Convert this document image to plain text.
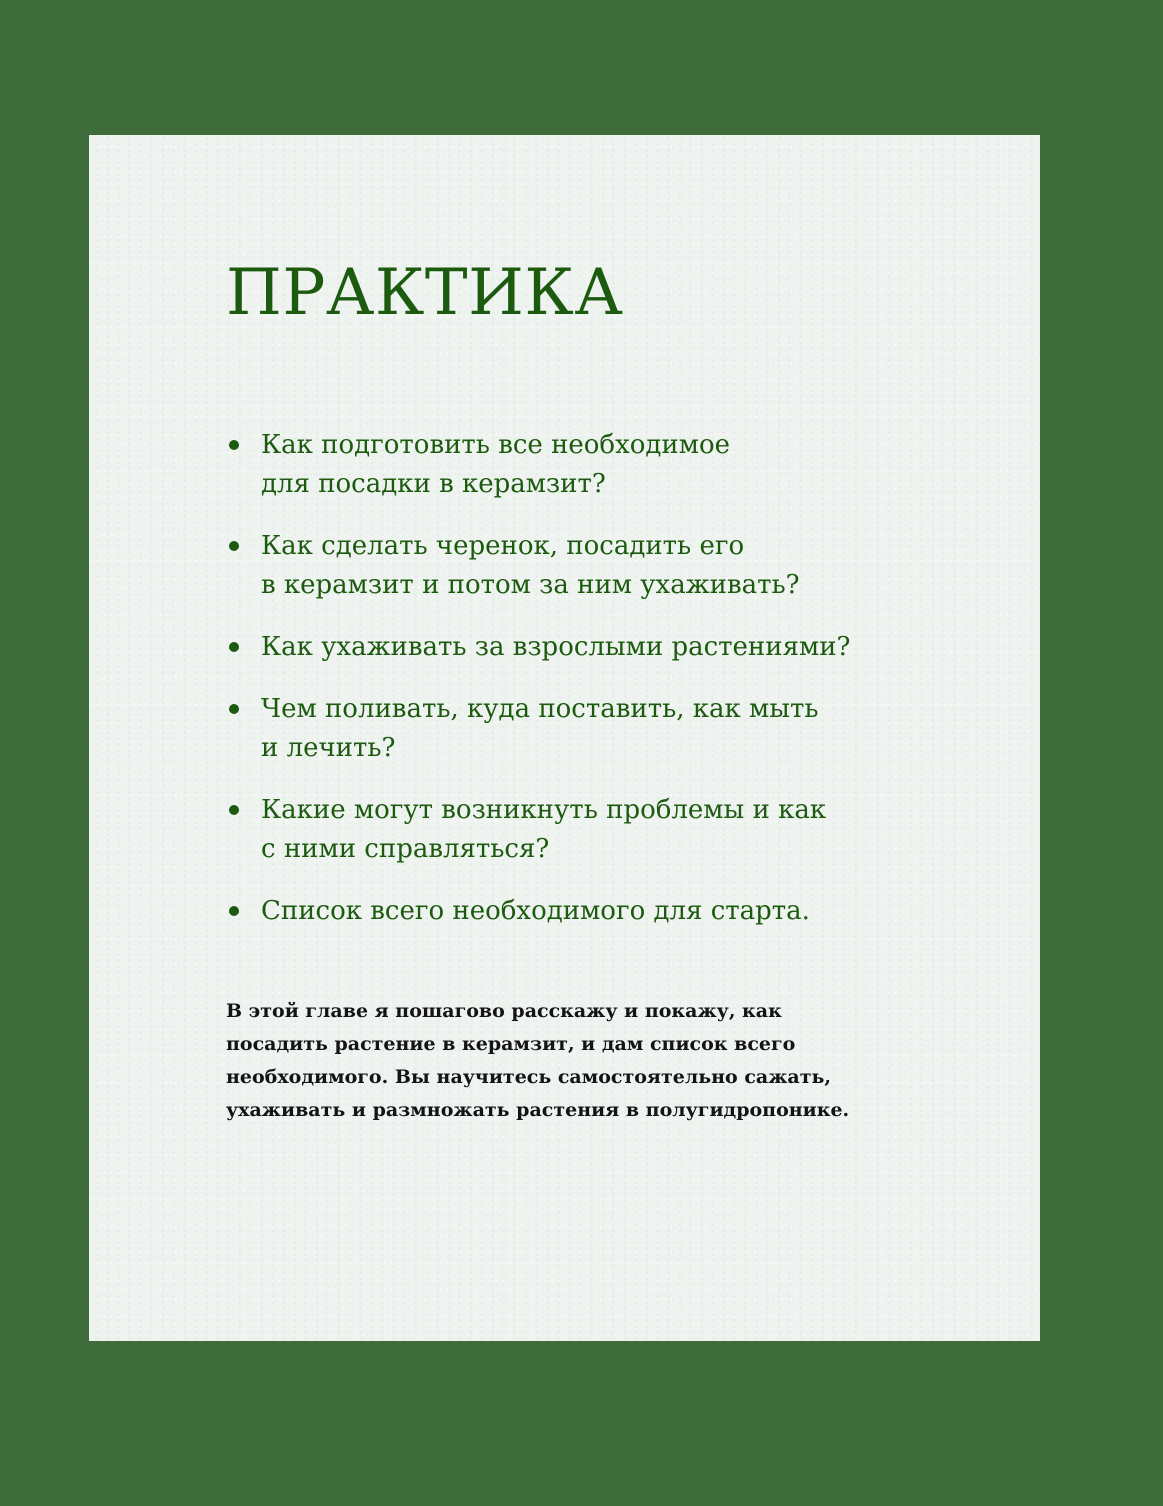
ПРАКТИКА
Как подготовить все необходимое
для посадки в керамзит?
Как сделать черенок, посадить его
в керамзит и потом за ним ухаживать?
Как ухаживать за взрослыми растениями?
Чем поливать, куда поставить, как мыть
и лечить?
Какие могут возникнуть проблемы и как
с ними справляться?
Список всего необходимого для старта.

В этой главе я пошагово расскажу и покажу, как
посадить растение в керамзит, и дам список всего
необходимого. Вы научитесь самостоятельно сажать,
ухаживать и размножать растения в полугидропонике.
